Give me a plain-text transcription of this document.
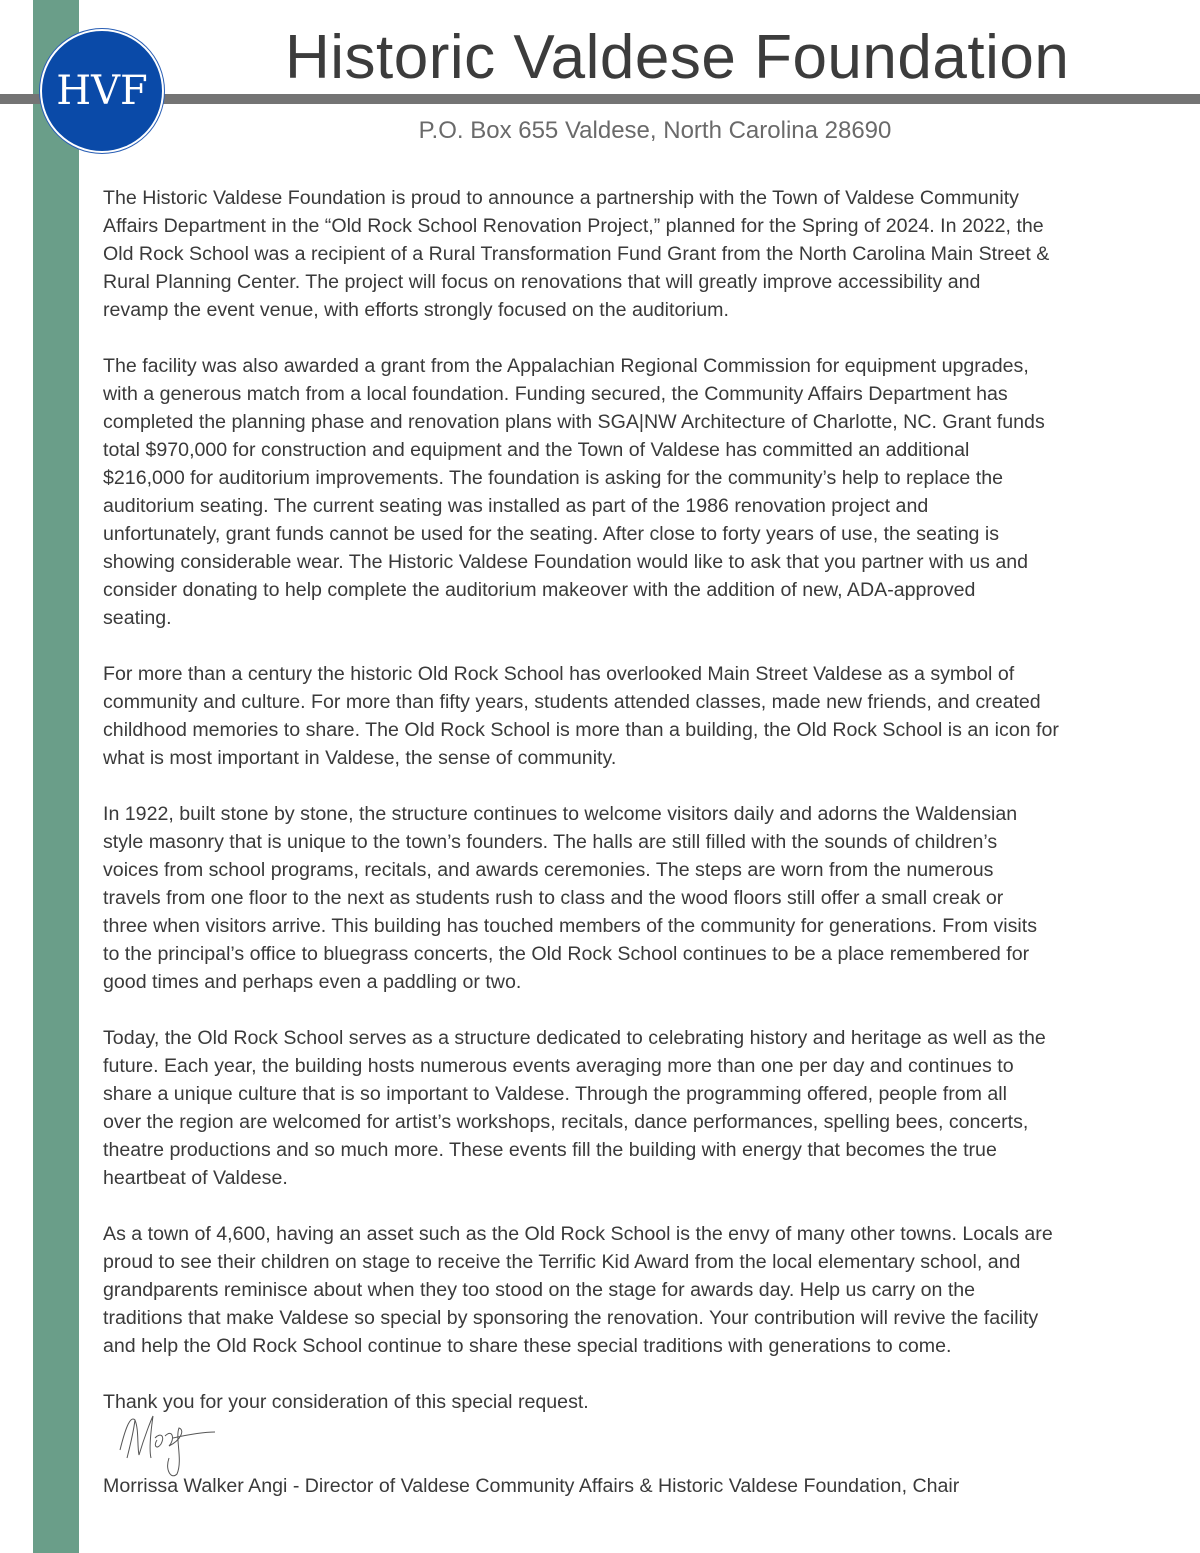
HVF Historic Valdese Foundation
P.O. Box 655 Valdese, North Carolina 28690
The Historic Valdese Foundation is proud to announce a partnership with the Town of Valdese Community
Affairs Department in the “Old Rock School Renovation Project,” planned for the Spring of 2024. In 2022, the
Old Rock School was a recipient of a Rural Transformation Fund Grant from the North Carolina Main Street &
Rural Planning Center. The project will focus on renovations that will greatly improve accessibility and
revamp the event venue, with efforts strongly focused on the auditorium.
The facility was also awarded a grant from the Appalachian Regional Commission for equipment upgrades,
with a generous match from a local foundation. Funding secured, the Community Affairs Department has
completed the planning phase and renovation plans with SGA|NW Architecture of Charlotte, NC. Grant funds
total $970,000 for construction and equipment and the Town of Valdese has committed an additional
$216,000 for auditorium improvements. The foundation is asking for the community’s help to replace the
auditorium seating. The current seating was installed as part of the 1986 renovation project and
unfortunately, grant funds cannot be used for the seating. After close to forty years of use, the seating is
showing considerable wear. The Historic Valdese Foundation would like to ask that you partner with us and
consider donating to help complete the auditorium makeover with the addition of new, ADA-approved
seating.
For more than a century the historic Old Rock School has overlooked Main Street Valdese as a symbol of
community and culture. For more than fifty years, students attended classes, made new friends, and created
childhood memories to share. The Old Rock School is more than a building, the Old Rock School is an icon for
what is most important in Valdese, the sense of community.
In 1922, built stone by stone, the structure continues to welcome visitors daily and adorns the Waldensian
style masonry that is unique to the town’s founders. The halls are still filled with the sounds of children’s
voices from school programs, recitals, and awards ceremonies. The steps are worn from the numerous
travels from one floor to the next as students rush to class and the wood floors still offer a small creak or
three when visitors arrive. This building has touched members of the community for generations. From visits
to the principal’s office to bluegrass concerts, the Old Rock School continues to be a place remembered for
good times and perhaps even a paddling or two.
Today, the Old Rock School serves as a structure dedicated to celebrating history and heritage as well as the
future. Each year, the building hosts numerous events averaging more than one per day and continues to
share a unique culture that is so important to Valdese. Through the programming offered, people from all
over the region are welcomed for artist’s workshops, recitals, dance performances, spelling bees, concerts,
theatre productions and so much more. These events fill the building with energy that becomes the true
heartbeat of Valdese.
As a town of 4,600, having an asset such as the Old Rock School is the envy of many other towns. Locals are
proud to see their children on stage to receive the Terrific Kid Award from the local elementary school, and
grandparents reminisce about when they too stood on the stage for awards day. Help us carry on the
traditions that make Valdese so special by sponsoring the renovation. Your contribution will revive the facility
and help the Old Rock School continue to share these special traditions with generations to come.
Thank you for your consideration of this special request.
Morrissa Walker Angi - Director of Valdese Community Affairs & Historic Valdese Foundation, Chair
